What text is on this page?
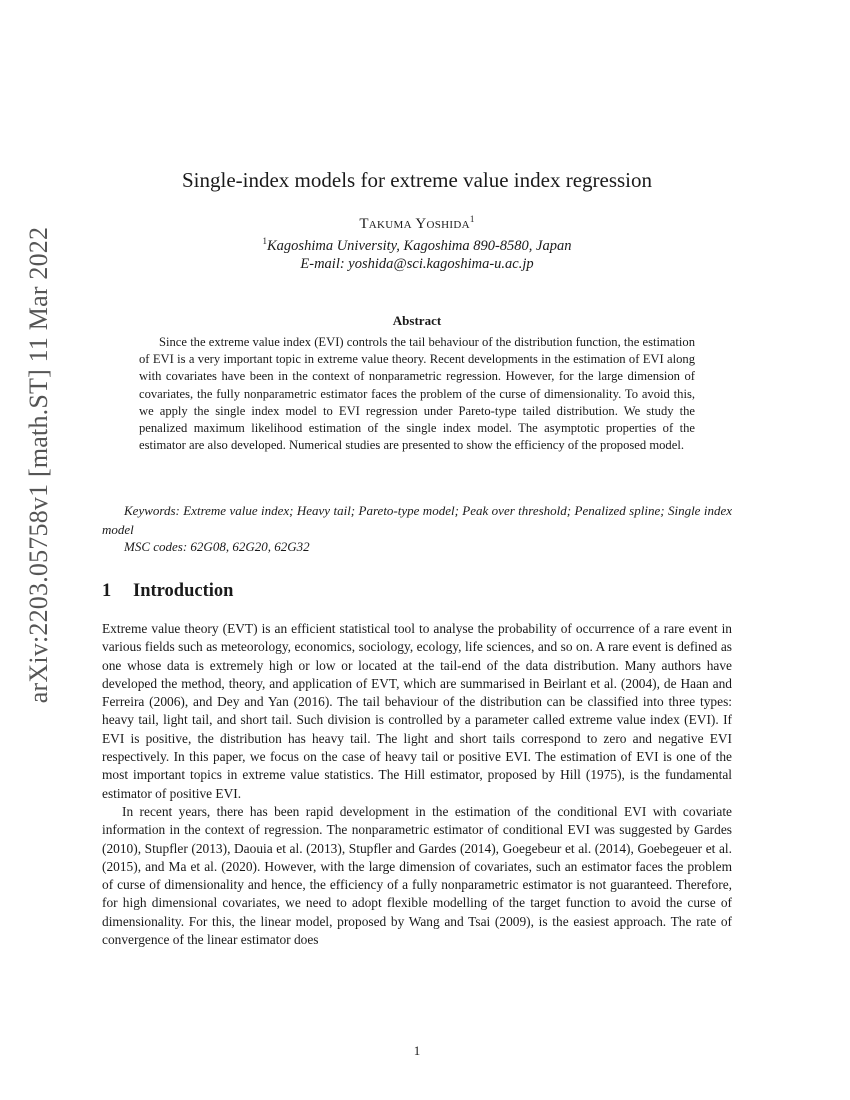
arXiv:2203.05758v1 [math.ST] 11 Mar 2022
Single-index models for extreme value index regression
Takuma Yoshida$^1$
$^1$Kagoshima University, Kagoshima 890-8580, Japan
E-mail: yoshida@sci.kagoshima-u.ac.jp
Abstract

Since the extreme value index (EVI) controls the tail behaviour of the distribution function, the estimation of EVI is a very important topic in extreme value theory. Recent developments in the estimation of EVI along with covariates have been in the context of nonparametric regression. However, for the large dimension of covariates, the fully nonparametric estimator faces the problem of the curse of dimensionality. To avoid this, we apply the single index model to EVI regression under Pareto-type tailed distribution. We study the penalized maximum likelihood estimation of the single index model. The asymptotic properties of the estimator are also developed. Numerical studies are presented to show the efficiency of the proposed model.

Keywords: Extreme value index; Heavy tail; Pareto-type model; Peak over threshold; Penalized spline; Single index model

MSC codes: 62G08, 62G20, 62G32
1 Introduction

Extreme value theory (EVT) is an efficient statistical tool to analyse the probability of occurrence of a rare event in various fields such as meteorology, economics, sociology, ecology, life sciences, and so on. A rare event is defined as one whose data is extremely high or low or located at the tail-end of the data distribution. Many authors have developed the method, theory, and application of EVT, which are summarised in Beirlant et al. (2004), de Haan and Ferreira (2006), and Dey and Yan (2016). The tail behaviour of the distribution can be classified into three types: heavy tail, light tail, and short tail. Such division is controlled by a parameter called extreme value index (EVI). If EVI is positive, the distribution has heavy tail. The light and short tails correspond to zero and negative EVI respectively. In this paper, we focus on the case of heavy tail or positive EVI. The estimation of EVI is one of the most important topics in extreme value statistics. The Hill estimator, proposed by Hill (1975), is the fundamental estimator of positive EVI.

In recent years, there has been rapid development in the estimation of the conditional EVI with covariate information in the context of regression. The nonparametric estimator of conditional EVI was suggested by Gardes (2010), Stupfler (2013), Daouia et al. (2013), Stupfler and Gardes (2014), Goegebeur et al. (2014), Goebegeuer et al. (2015), and Ma et al. (2020). However, with the large dimension of covariates, such an estimator faces the problem of curse of dimensionality and hence, the efficiency of a fully nonparametric estimator is not guaranteed. Therefore, for high dimensional covariates, we need to adopt flexible modelling of the target function to avoid the curse of dimensionality. For this, the linear model, proposed by Wang and Tsai (2009), is the easiest approach. The rate of convergence of the linear estimator does

1
